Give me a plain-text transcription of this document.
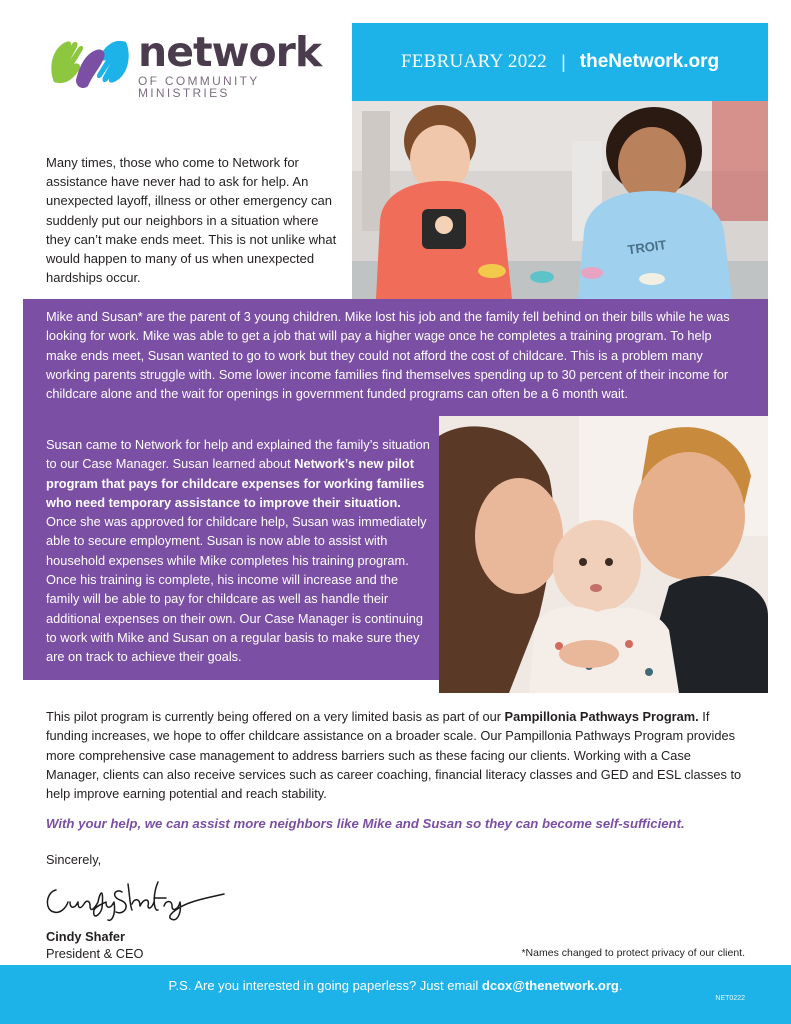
network
OF COMMUNITY MINISTRIES
FEBRUARY 2022 | theNetwork.org
TROIT

Many times, those who come to Network for assistance have never had to ask for help. An unexpected layoff, illness or other emergency can suddenly put our neighbors in a situation where they can’t make ends meet. This is not unlike what would happen to many of us when unexpected hardships occur.

Mike and Susan* are the parent of 3 young children. Mike lost his job and the family fell behind on their bills while he was looking for work. Mike was able to get a job that will pay a higher wage once he completes a training program. To help make ends meet, Susan wanted to go to work but they could not afford the cost of childcare. This is a problem many working parents struggle with. Some lower income families find themselves spending up to 30 percent of their income for childcare alone and the wait for openings in government funded programs can often be a 6 month wait.

Susan came to Network for help and explained the family’s situation to our Case Manager. Susan learned about Network’s new pilot program that pays for childcare expenses for working families who need temporary assistance to improve their situation. Once she was approved for childcare help, Susan was immediately able to secure employment. Susan is now able to assist with household expenses while Mike completes his training program. Once his training is complete, his income will increase and the family will be able to pay for childcare as well as handle their additional expenses on their own. Our Case Manager is continuing to work with Mike and Susan on a regular basis to make sure they are on track to achieve their goals.

This pilot program is currently being offered on a very limited basis as part of our Pampillonia Pathways Program. If funding increases, we hope to offer childcare assistance on a broader scale. Our Pampillonia Pathways Program provides more comprehensive case management to address barriers such as these facing our clients. Working with a Case Manager, clients can also receive services such as career coaching, financial literacy classes and GED and ESL classes to help improve earning potential and reach stability.

With your help, we can assist more neighbors like Mike and Susan so they can become self-sufficient.

Sincerely,

Cindy Shafer

President & CEO	*Names changed to protect privacy of our client.

P.S. Are you interested in going paperless? Just email dcox@thenetwork.org.

NET0222
